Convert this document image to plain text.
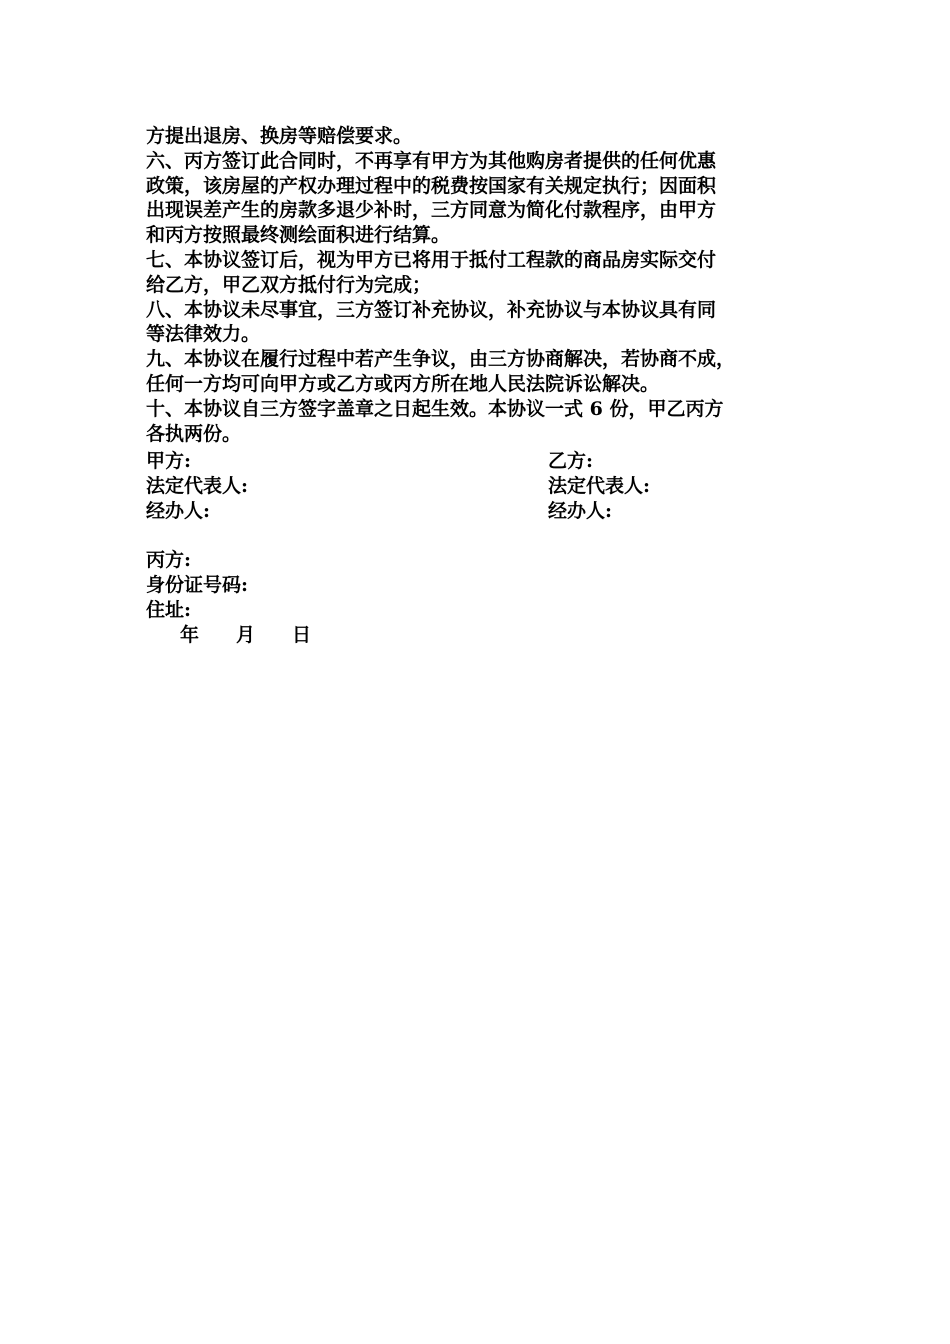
方提出退房、换房等赔偿要求。
六、丙方签订此合同时，不再享有甲方为其他购房者提供的任何优惠
政策，该房屋的产权办理过程中的税费按国家有关规定执行；因面积
出现误差产生的房款多退少补时，三方同意为简化付款程序，由甲方
和丙方按照最终测绘面积进行结算。
七、本协议签订后，视为甲方已将用于抵付工程款的商品房实际交付
给乙方，甲乙双方抵付行为完成；
八、本协议未尽事宜，三方签订补充协议，补充协议与本协议具有同
等法律效力。
九、本协议在履行过程中若产生争议，由三方协商解决，若协商不成，
任何一方均可向甲方或乙方或丙方所在地人民法院诉讼解决。
十、本协议自三方签字盖章之日起生效。本协议一式 6 份，甲乙丙方
各执两份。
甲方:	乙方:
法定代表人:	法定代表人:
经办人:	经办人:
丙方:
身份证号码:
住址:
年 月 日
